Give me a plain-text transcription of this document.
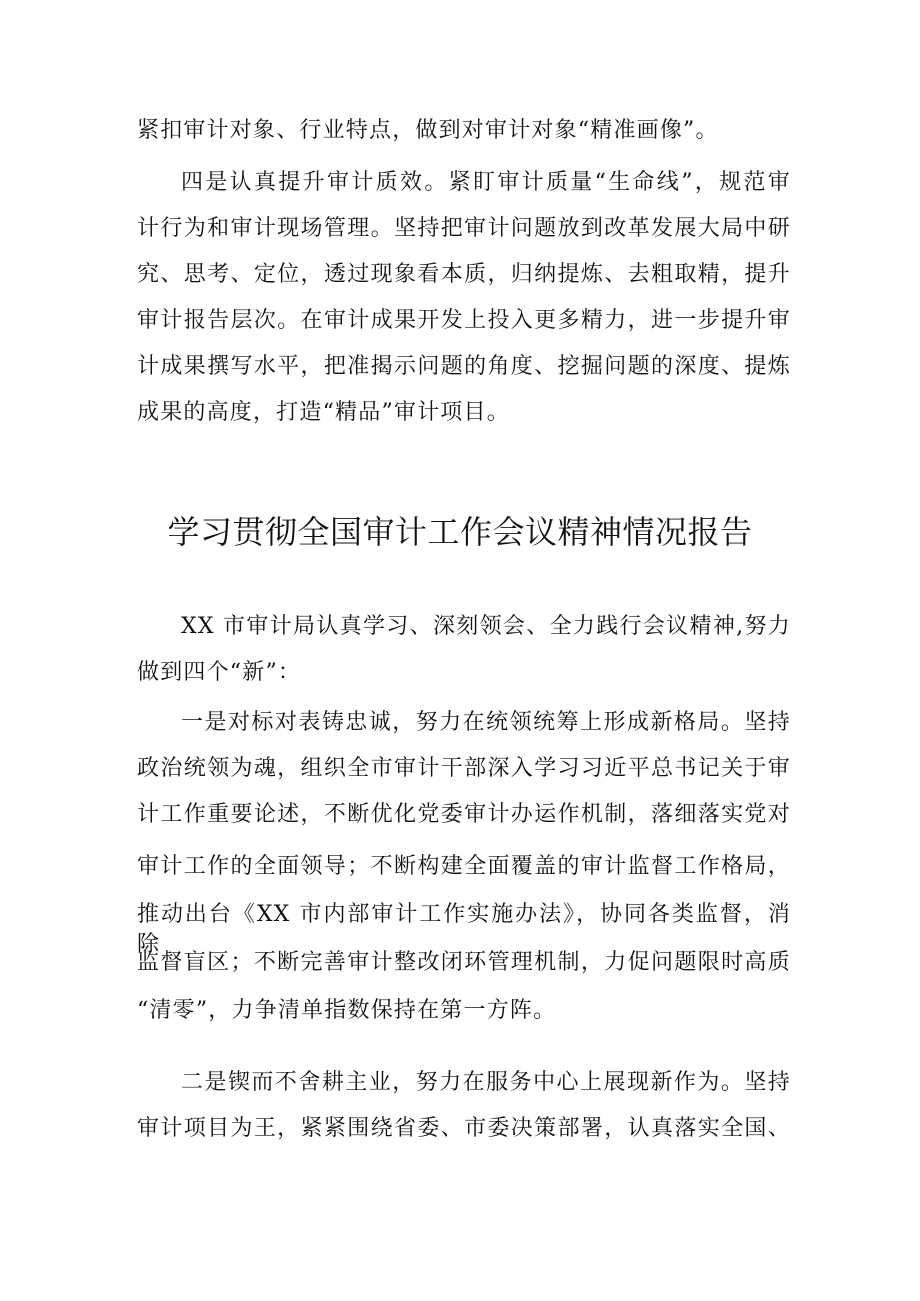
紧扣审计对象、行业特点，做到对审计对象“精准画像”。
四是认真提升审计质效。紧盯审计质量“生命线”，规范审
计行为和审计现场管理。坚持把审计问题放到改革发展大局中研
究、思考、定位，透过现象看本质，归纳提炼、去粗取精，提升
审计报告层次。在审计成果开发上投入更多精力，进一步提升审
计成果撰写水平，把准揭示问题的角度、挖掘问题的深度、提炼
成果的高度，打造“精品”审计项目。
学习贯彻全国审计工作会议精神情况报告
XX 市审计局认真学习、深刻领会、全力践行会议精神,努力
做到四个“新”：
一是对标对表铸忠诚，努力在统领统筹上形成新格局。坚持
政治统领为魂，组织全市审计干部深入学习习近平总书记关于审
计工作重要论述，不断优化党委审计办运作机制，落细落实党对
审计工作的全面领导；不断构建全面覆盖的审计监督工作格局，
推动出台《XX 市内部审计工作实施办法》，协同各类监督，消除
监督盲区；不断完善审计整改闭环管理机制，力促问题限时高质
“清零”，力争清单指数保持在第一方阵。
二是锲而不舍耕主业，努力在服务中心上展现新作为。坚持
审计项目为王，紧紧围绕省委、市委决策部署，认真落实全国、
